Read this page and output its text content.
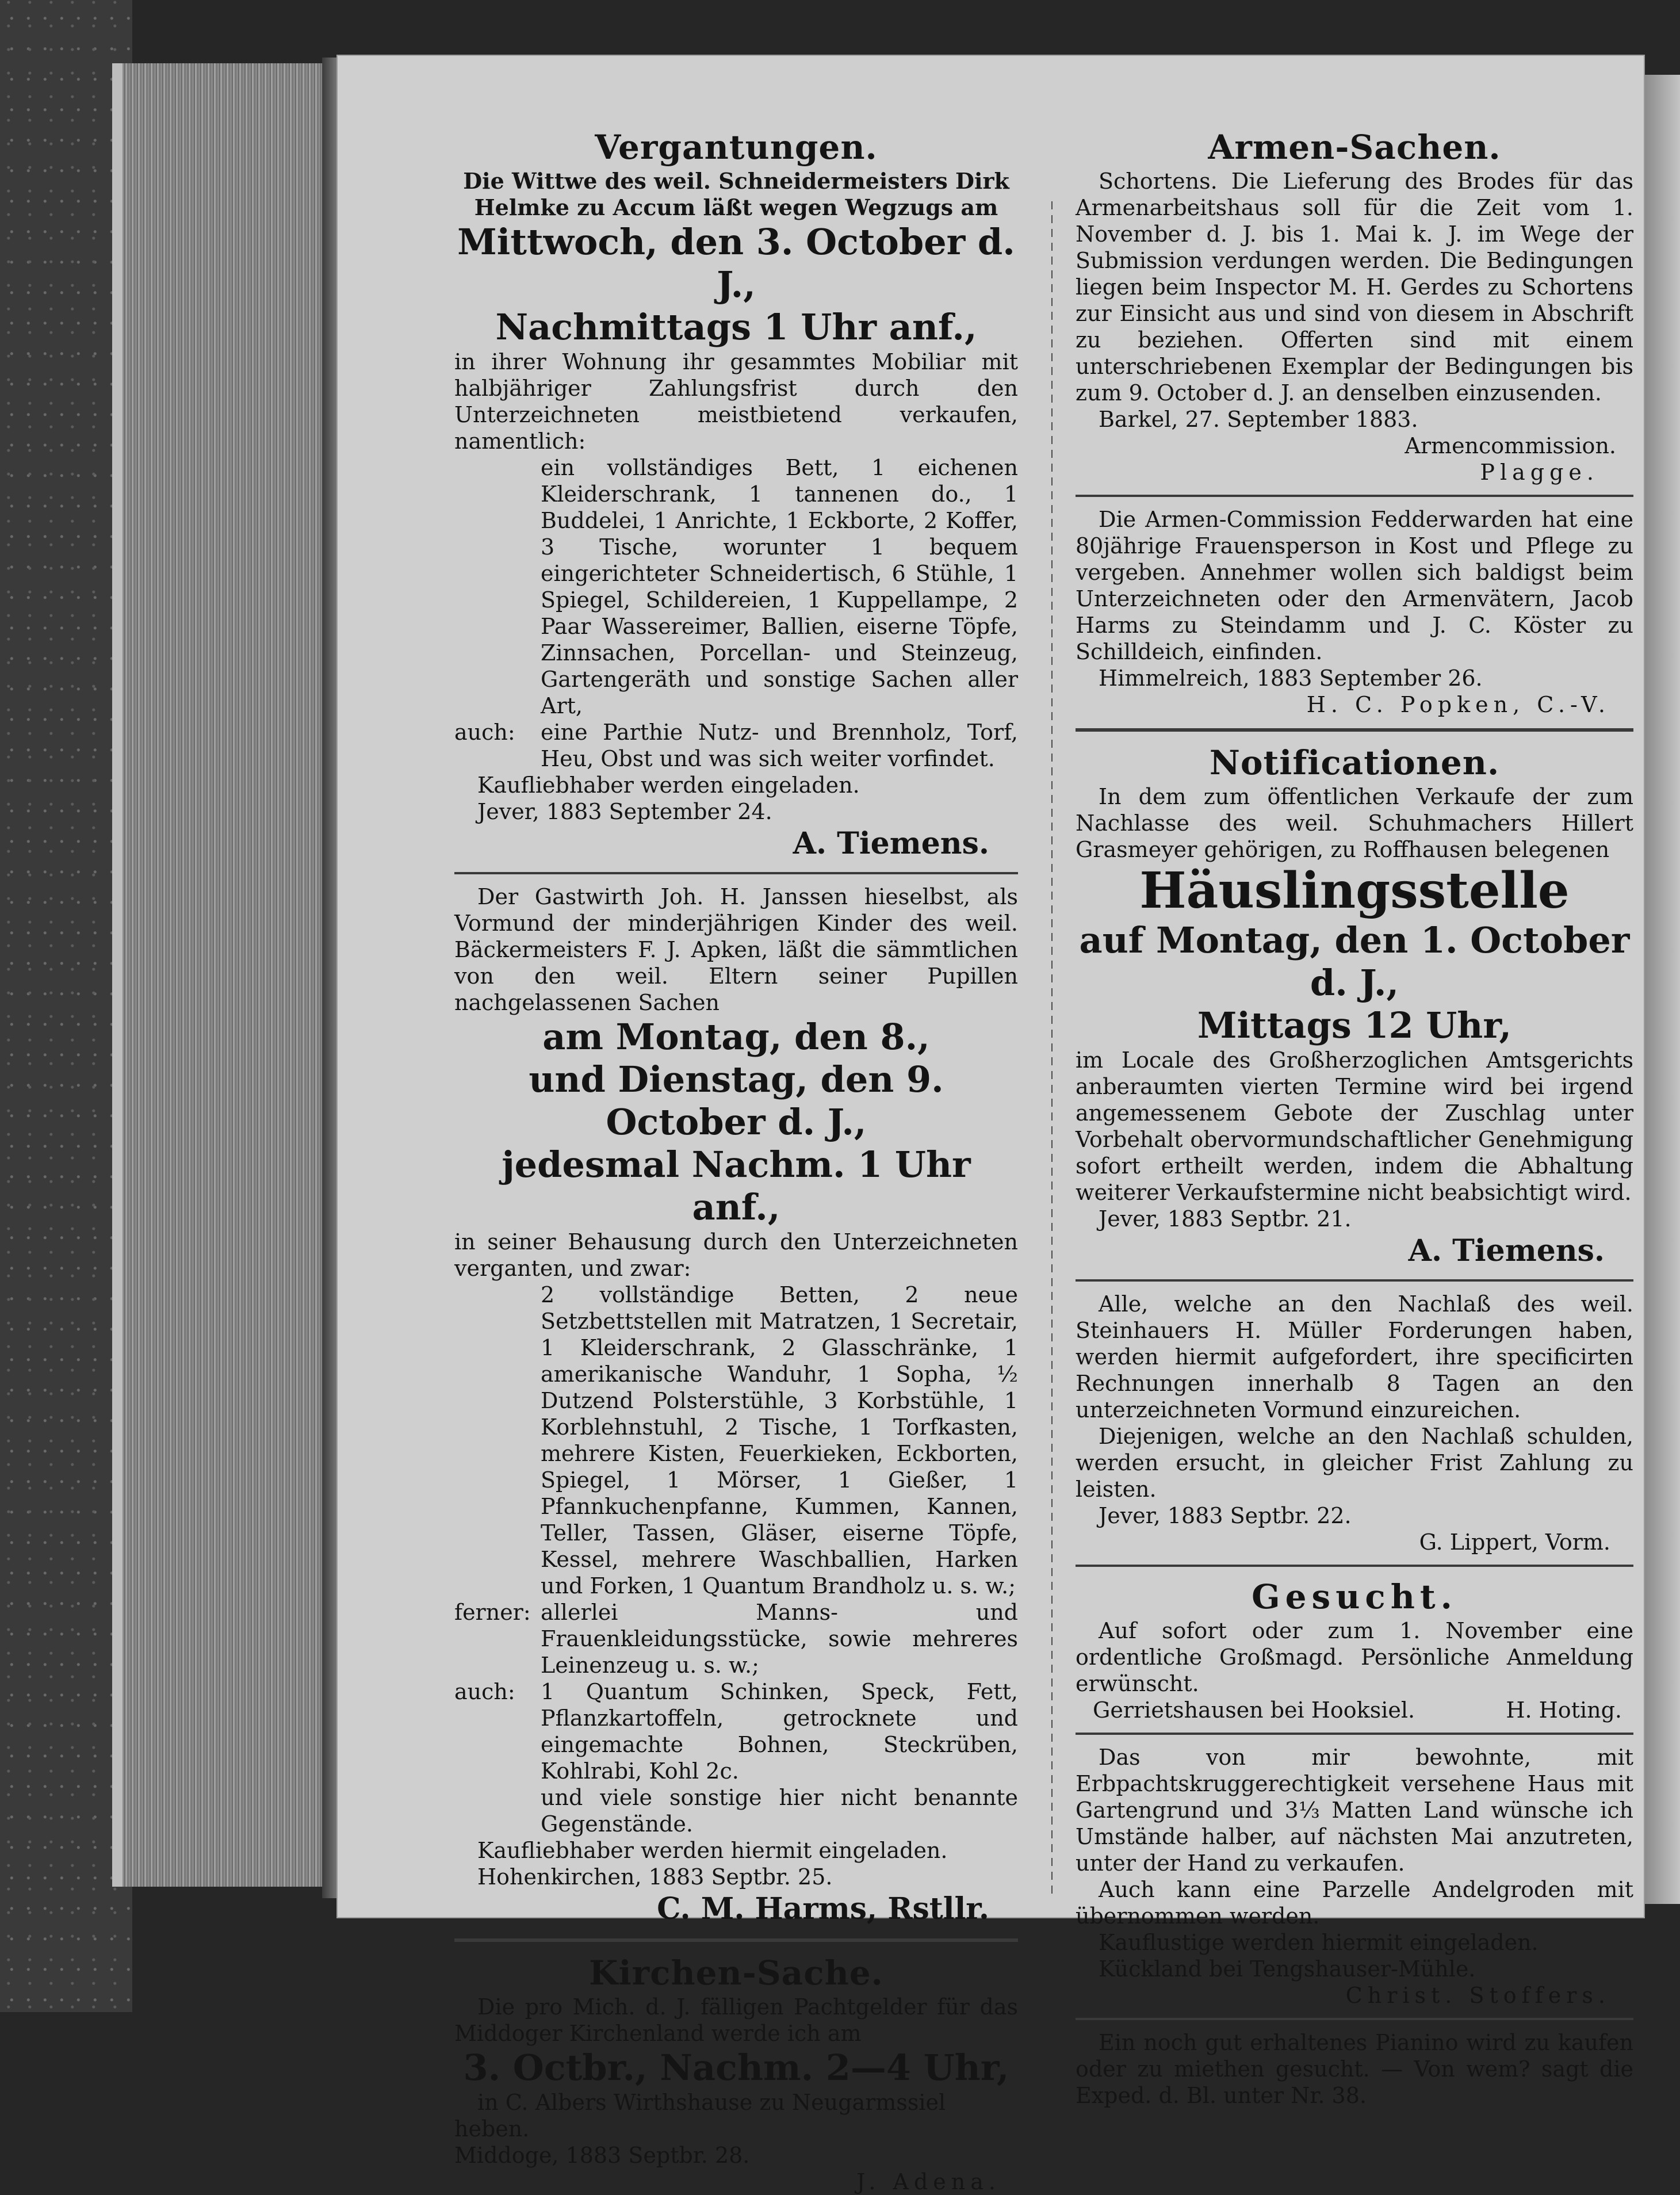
Vergantungen.
Die Wittwe des weil. Schneidermeisters Dirk Helmke zu Accum läßt wegen Wegzugs am
Mittwoch, den 3. October d. J.,
Nachmittags 1 Uhr anf.,
in ihrer Wohnung ihr gesammtes Mobiliar mit halbjähriger Zahlungsfrist durch den Unterzeichneten meistbietend verkaufen, namentlich:
ein vollständiges Bett, 1 eichenen Kleiderschrank, 1 tannenen do., 1 Buddelei, 1 Anrichte, 1 Eckborte, 2 Koffer, 3 Tische, worunter 1 bequem eingerichteter Schneidertisch, 6 Stühle, 1 Spiegel, Schildereien, 1 Kuppellampe, 2 Paar Wassereimer, Ballien, eiserne Töpfe, Zinnsachen, Porcellan- und Steinzeug, Gartengeräth und sonstige Sachen aller Art,
auch:	eine Parthie Nutz- und Brennholz, Torf, Heu, Obst und was sich weiter vorfindet.
Kaufliebhaber werden eingeladen.
Jever, 1883 September 24.
A. Tiemens.
Der Gastwirth Joh. H. Janssen hieselbst, als Vormund der minderjährigen Kinder des weil. Bäckermeisters F. J. Apken, läßt die sämmtlichen von den weil. Eltern seiner Pupillen nachgelassenen Sachen
am Montag, den 8.,
und Dienstag, den 9. October d. J.,
jedesmal Nachm. 1 Uhr anf.,
in seiner Behausung durch den Unterzeichneten verganten, und zwar:
2 vollständige Betten, 2 neue Setzbettstellen mit Matratzen, 1 Secretair, 1 Kleiderschrank, 2 Glasschränke, 1 amerikanische Wanduhr, 1 Sopha, ½ Dutzend Polsterstühle, 3 Korbstühle, 1 Korblehnstuhl, 2 Tische, 1 Torfkasten, mehrere Kisten, Feuerkieken, Eckborten, Spiegel, 1 Mörser, 1 Gießer, 1 Pfannkuchenpfanne, Kummen, Kannen, Teller, Tassen, Gläser, eiserne Töpfe, Kessel, mehrere Waschballien, Harken und Forken, 1 Quantum Brandholz u. s. w.;
ferner: allerlei Manns- und Frauenkleidungsstücke, sowie mehreres Leinenzeug u. s. w.;
auch:	1 Quantum Schinken, Speck, Fett, Pflanzkartoffeln, getrocknete und eingemachte Bohnen, Steckrüben, Kohlrabi, Kohl 2c.
und viele sonstige hier nicht benannte Gegenstände.
Kaufliebhaber werden hiermit eingeladen.
Hohenkirchen, 1883 Septbr. 25.
C. M. Harms, Rstllr.
Kirchen-Sache.
Die pro Mich. d. J. fälligen Pachtgelder für das Middoger Kirchenland werde ich am
3. Octbr., Nachm. 2—4 Uhr,
in C. Albers Wirthshause zu Neugarmssiel heben.
Middoge, 1883 Septbr. 28.
J. Adena.
Armen-Sachen.
Schortens. Die Lieferung des Brodes für das Armenarbeitshaus soll für die Zeit vom 1. November d. J. bis 1. Mai k. J. im Wege der Submission verdungen werden. Die Bedingungen liegen beim Inspector M. H. Gerdes zu Schortens zur Einsicht aus und sind von diesem in Abschrift zu beziehen. Offerten sind mit einem unterschriebenen Exemplar der Bedingungen bis zum 9. October d. J. an denselben einzusenden.
Barkel, 27. September 1883.
Armencommission.
Plagge.
Die Armen-Commission Fedderwarden hat eine 80jährige Frauensperson in Kost und Pflege zu vergeben. Annehmer wollen sich baldigst beim Unterzeichneten oder den Armenvätern, Jacob Harms zu Steindamm und J. C. Köster zu Schilldeich, einfinden.
Himmelreich, 1883 September 26.
H. C. Popken, C.-V.
Notificationen.
In dem zum öffentlichen Verkaufe der zum Nachlasse des weil. Schuhmachers Hillert Grasmeyer gehörigen, zu Roffhausen belegenen
Häuslingsstelle
auf Montag, den 1. October d. J.,
Mittags 12 Uhr,
im Locale des Großherzoglichen Amtsgerichts anberaumten vierten Termine wird bei irgend angemessenem Gebote der Zuschlag unter Vorbehalt obervormundschaftlicher Genehmigung sofort ertheilt werden, indem die Abhaltung weiterer Verkaufstermine nicht beabsichtigt wird.
Jever, 1883 Septbr. 21.
A. Tiemens.
Alle, welche an den Nachlaß des weil. Steinhauers H. Müller Forderungen haben, werden hiermit aufgefordert, ihre specificirten Rechnungen innerhalb 8 Tagen an den unterzeichneten Vormund einzureichen.
Diejenigen, welche an den Nachlaß schulden, werden ersucht, in gleicher Frist Zahlung zu leisten.
Jever, 1883 Septbr. 22.
G. Lippert, Vorm.
Gesucht.
Auf sofort oder zum 1. November eine ordentliche Großmagd. Persönliche Anmeldung erwünscht.
Gerrietshausen bei Hooksiel.	H. Hoting.
Das von mir bewohnte, mit Erbpachtskruggerechtigkeit versehene Haus mit Gartengrund und 3⅓ Matten Land wünsche ich Umstände halber, auf nächsten Mai anzutreten, unter der Hand zu verkaufen.
Auch kann eine Parzelle Andelgroden mit übernommen werden.
Kauflustige werden hiermit eingeladen.
Kückland bei Tengshauser-Mühle.
Christ. Stoffers.
Ein noch gut erhaltenes Pianino wird zu kaufen oder zu miethen gesucht. — Von wem? sagt die Exped. d. Bl. unter Nr. 38.
